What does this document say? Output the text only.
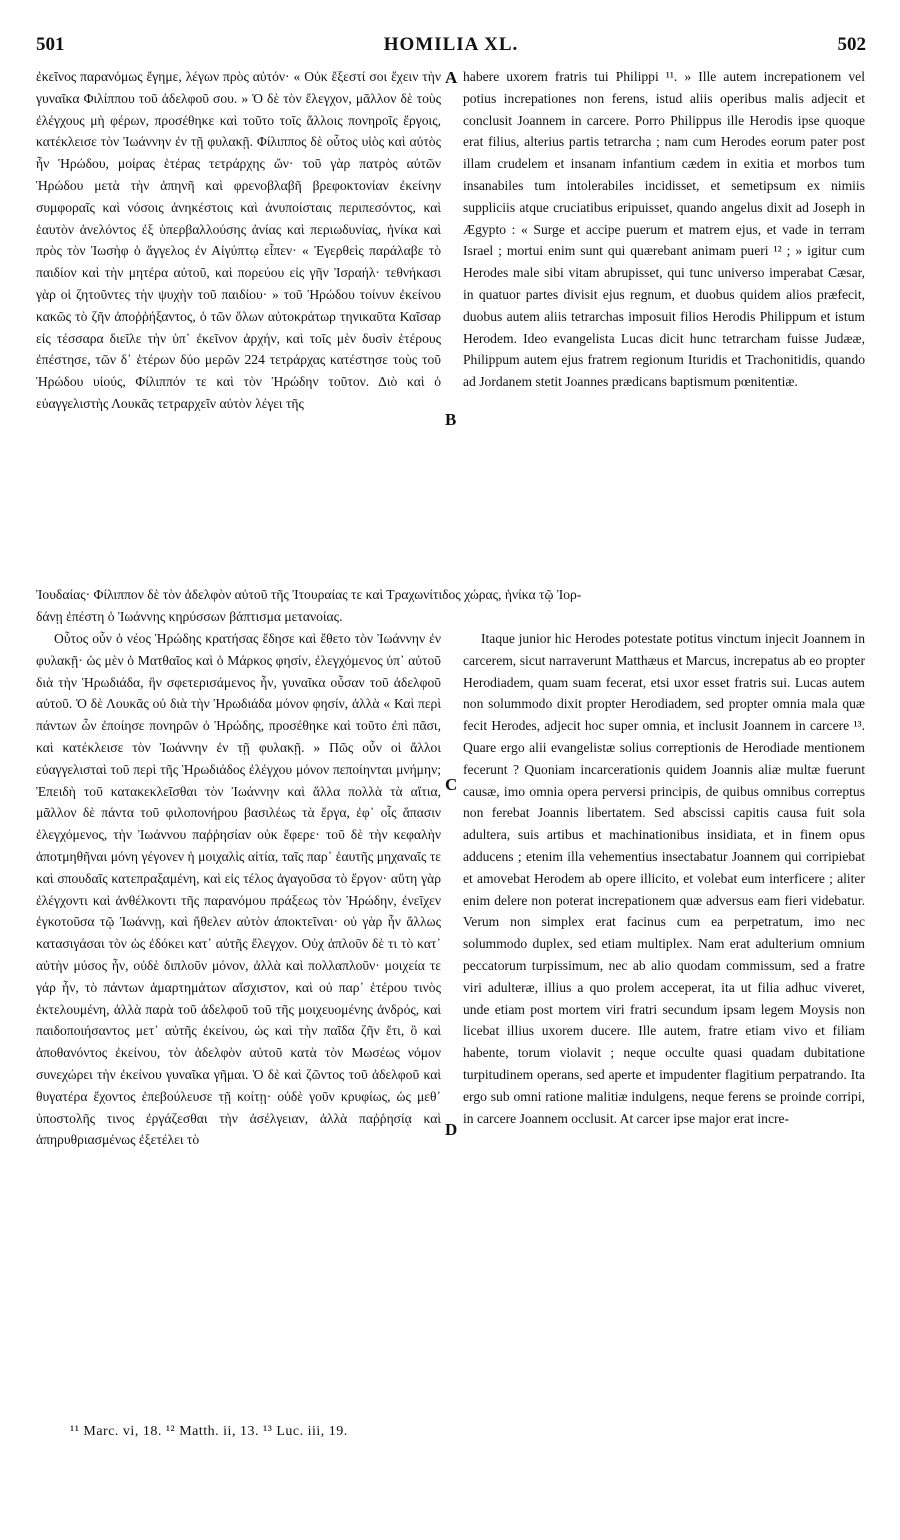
501	HOMILIA XL.	502

ἐκεῖνος παρανόμως ἔγημε, λέγων πρὸς αὐτόν· « Οὐκ ἔξεστί σοι ἔχειν τὴν γυναῖκα Φιλίππου τοῦ ἀδελφοῦ σου. » Ὁ δὲ τὸν ἔλεγχον, μᾶλλον δὲ τοὺς ἐλέγχους μὴ φέρων, προσέθηκε καὶ τοῦτο τοῖς ἄλλοις πονηροῖς ἔργοις, κατέκλεισε τὸν Ἰωάννην ἐν τῇ φυλακῇ. Φίλιππος δὲ οὗτος υἱὸς καὶ αὐτὸς ἦν Ἡρώδου, μοίρας ἑτέρας τετράρχης ὤν· τοῦ γὰρ πατρὸς αὐτῶν Ἡρώδου μετὰ τὴν ἀπηνῆ καὶ φρενοβλαβῆ βρεφοκτονίαν ἐκείνην συμφοραῖς καὶ νόσοις ἀνηκέστοις καὶ ἀνυποίσταις περιπεσόντος, καὶ ἑαυτὸν ἀνελόντος ἐξ ὑπερβαλλούσης ἀνίας καὶ περιωδυνίας, ἡνίκα καὶ πρὸς τὸν Ἰωσὴφ ὁ ἄγγελος ἐν Αἰγύπτῳ εἶπεν· « Ἐγερθεὶς παράλαβε τὸ παιδίον καὶ τὴν μητέρα αὐτοῦ, καὶ πορεύου εἰς γῆν Ἰσραήλ· τεθνήκασι γὰρ οἱ ζητοῦντες τὴν ψυχὴν τοῦ παιδίου· » τοῦ Ἡρώδου τοίνυν ἐκείνου κακῶς τὸ ζῆν ἀποῤῥήξαντος, ὁ τῶν ὅλων αὐτοκράτωρ τηνικαῦτα Καῖσαρ εἰς τέσσαρα διεῖλε τὴν ὑπ᾽ ἐκεῖνον ἀρχήν, καὶ τοῖς μὲν δυσὶν ἑτέρους ἐπέστησε, τῶν δ᾽ ἑτέρων δύο μερῶν 224 τετράρχας κατέστησε τοὺς τοῦ Ἡρώδου υἱούς, Φίλιππόν τε καὶ τὸν Ἡρώδην τοῦτον. Διὸ καὶ ὁ εὐαγγελιστὴς Λουκᾶς τετραρχεῖν αὐτὸν λέγει τῆς

habere uxorem fratris tui Philippi ¹¹. » Ille autem increpationem vel potius increpationes non ferens, istud aliis operibus malis adjecit et conclusit Joannem in carcere. Porro Philippus ille Herodis ipse quoque erat filius, alterius partis tetrarcha ; nam cum Herodes eorum pater post illam crudelem et insanam infantium cædem in exitia et morbos tum insanabiles tum intolerabiles incidisset, et semetipsum ex nimiis suppliciis atque cruciatibus eripuisset, quando angelus dixit ad Joseph in Ægypto : « Surge et accipe puerum et matrem ejus, et vade in terram Israel ; mortui enim sunt qui quærebant animam pueri ¹² ; » igitur cum Herodes male sibi vitam abrupisset, qui tunc universo imperabat Cæsar, in quatuor partes divisit ejus regnum, et duobus quidem alios præfecit, duobus autem aliis tetrarchas imposuit filios Herodis Philippum et istum Herodem. Ideo evangelista Lucas dicit hunc tetrarcham fuisse Judææ, Philippum autem ejus fratrem regionum Ituridis et Trachonitidis, quando ad Jordanem stetit Joannes prædicans baptismum pœnitentiæ.

A
B
C
D
Ἰουδαίας· Φίλιππον δὲ τὸν ἀδελφὸν αὐτοῦ τῆς Ἰτουραίας τε καὶ Τραχωνίτιδος χώρας, ἡνίκα τῷ Ἰορ-
δάνῃ ἐπέστη ὁ Ἰωάννης κηρύσσων βάπτισμα μετανοίας.

Οὗτος οὖν ὁ νέος Ἡρώδης κρατήσας ἔδησε καὶ ἔθετο τὸν Ἰωάννην ἐν φυλακῇ· ὡς μὲν ὁ Ματθαῖος καὶ ὁ Μάρκος φησίν, ἐλεγχόμενος ὑπ᾽ αὐτοῦ διὰ τὴν Ἡρωδιάδα, ἣν σφετερισάμενος ἦν, γυναῖκα οὖσαν τοῦ ἀδελφοῦ αὐτοῦ. Ὁ δὲ Λουκᾶς οὐ διὰ τὴν Ἡρωδιάδα μόνον φησίν, ἀλλὰ « Καὶ περὶ πάντων ὧν ἐποίησε πονηρῶν ὁ Ἡρώδης, προσέθηκε καὶ τοῦτο ἐπὶ πᾶσι, καὶ κατέκλεισε τὸν Ἰωάννην ἐν τῇ φυλακῇ. » Πῶς οὖν οἱ ἄλλοι εὐαγγελισταὶ τοῦ περὶ τῆς Ἡρωδιάδος ἐλέγχου μόνον πεποίηνται μνήμην; Ἐπειδὴ τοῦ κατακεκλεῖσθαι τὸν Ἰωάννην καὶ ἄλλα πολλὰ τὰ αἴτια, μᾶλλον δὲ πάντα τοῦ φιλοπονήρου βασιλέως τὰ ἔργα, ἐφ᾽ οἷς ἅπασιν ἐλεγχόμενος, τὴν Ἰωάννου παῤῥησίαν οὐκ ἔφερε· τοῦ δὲ τὴν κεφαλὴν ἀποτμηθῆναι μόνη γέγονεν ἡ μοιχαλὶς αἰτία, ταῖς παρ᾽ ἑαυτῆς μηχαναῖς τε καὶ σπουδαῖς κατεπραξαμένη, καὶ εἰς τέλος ἀγαγοῦσα τὸ ἔργον· αὕτη γὰρ ἐλέγχοντι καὶ ἀνθέλκοντι τῆς παρανόμου πράξεως τὸν Ἡρώδην, ἐνεῖχεν ἐγκοτοῦσα τῷ Ἰωάννῃ, καὶ ἤθελεν αὐτὸν ἀποκτεῖναι· οὐ γὰρ ἦν ἄλλως κατασιγάσαι τὸν ὡς ἐδόκει κατ᾽ αὐτῆς ἔλεγχον. Οὐχ ἁπλοῦν δὲ τι τὸ κατ᾽ αὐτὴν μύσος ἦν, οὐδὲ διπλοῦν μόνον, ἀλλὰ καὶ πολλαπλοῦν· μοιχεία τε γάρ ἦν, τὸ πάντων ἁμαρτημάτων αἴσχιστον, καὶ οὐ παρ᾽ ἑτέρου τινὸς ἐκτελουμένη, ἀλλὰ παρὰ τοῦ ἀδελφοῦ τοῦ τῆς μοιχευομένης ἀνδρός, καὶ παιδοποιήσαντος μετ᾽ αὐτῆς ἐκείνου, ὡς καὶ τὴν παῖδα ζῆν ἔτι, ὃ καὶ ἀποθανόντος ἐκείνου, τὸν ἀδελφὸν αὐτοῦ κατὰ τὸν Μωσέως νόμον συνεχώρει τὴν ἐκείνου γυναῖκα γῆμαι. Ὁ δὲ καὶ ζῶντος τοῦ ἀδελφοῦ καὶ θυγατέρα ἔχοντος ἐπεβούλευσε τῇ κοίτῃ· οὐδὲ γοῦν κρυφίως, ὡς μεθ᾽ ὑποστολῆς τινος ἐργάζεσθαι τὴν ἀσέλγειαν, ἀλλὰ παῤῥησίᾳ καὶ ἀπηρυθριασμένως ἐξετέλει τὸ

Itaque junior hic Herodes potestate potitus vinctum injecit Joannem in carcerem, sicut narraverunt Matthæus et Marcus, increpatus ab eo propter Herodiadem, quam suam fecerat, etsi uxor esset fratris sui. Lucas autem non solummodo dixit propter Herodiadem, sed propter omnia mala quæ fecit Herodes, adjecit hoc super omnia, et inclusit Joannem in carcere ¹³. Quare ergo alii evangelistæ solius correptionis de Herodiade mentionem fecerunt ? Quoniam incarcerationis quidem Joannis aliæ multæ fuerunt causæ, imo omnia opera perversi principis, de quibus omnibus correptus non ferebat Joannis libertatem. Sed abscissi capitis causa fuit sola adultera, suis artibus et machinationibus insidiata, et in finem opus adducens ; etenim illa vehementius insectabatur Joannem qui corripiebat et amovebat Herodem ab opere illicito, et volebat eum interficere ; aliter enim delere non poterat increpationem quæ adversus eam fieri videbatur. Verum non simplex erat facinus cum ea perpetratum, imo nec solummodo duplex, sed etiam multiplex. Nam erat adulterium omnium peccatorum turpissimum, nec ab alio quodam commissum, sed a fratre viri adulteræ, illius a quo prolem acceperat, ita ut filia adhuc viveret, unde etiam post mortem viri fratri secundum ipsam legem Moysis non licebat illius uxorem ducere. Ille autem, fratre etiam vivo et filiam habente, torum violavit ; neque occulte quasi quadam dubitatione turpitudinem operans, sed aperte et impudenter flagitium perpatrando. Ita ergo sub omni ratione malitiæ indulgens, neque ferens se proinde corripi, in carcere Joannem occlusit. At carcer ipse major erat incre-

¹¹ Marc. vi, 18. ¹² Matth. ii, 13. ¹³ Luc. iii, 19.
